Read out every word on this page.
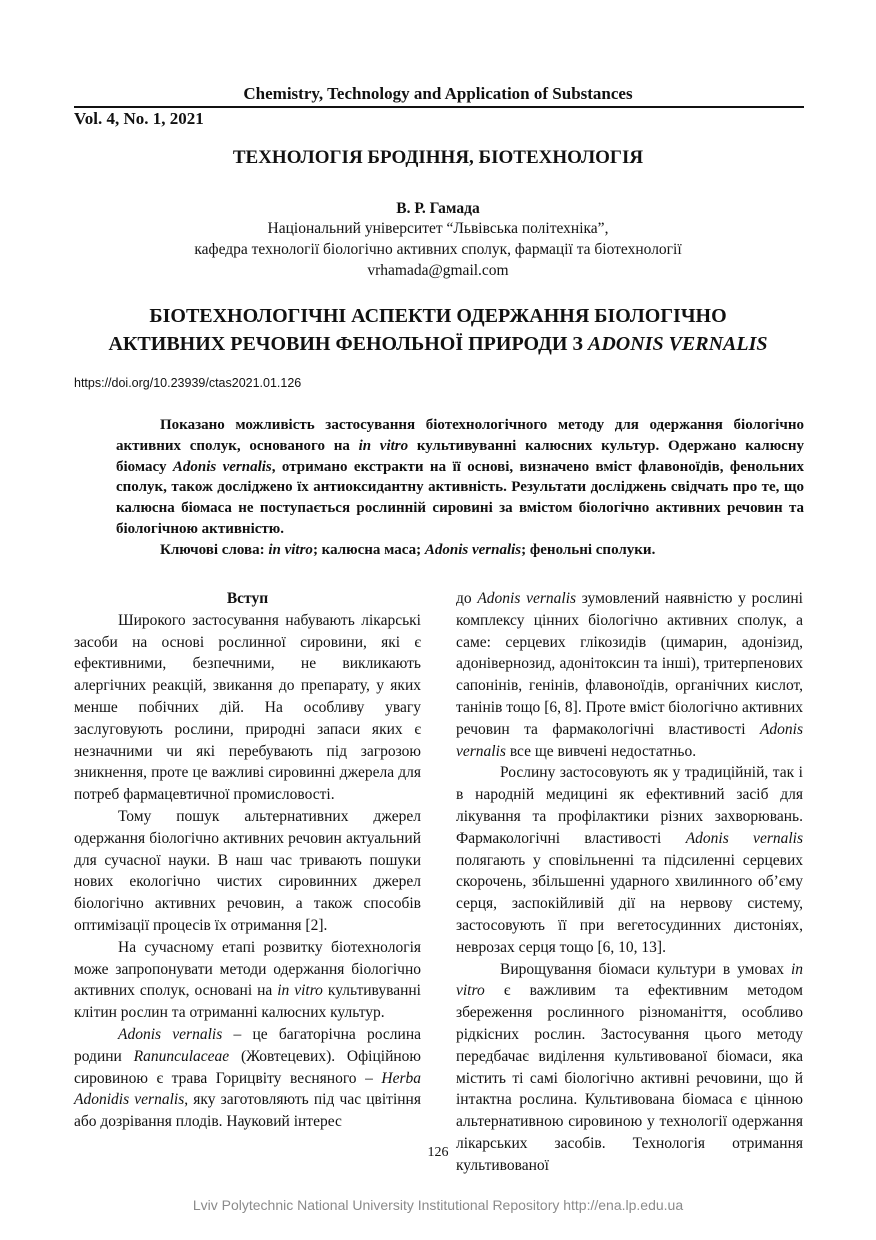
Chemistry, Technology and Application of Substances
Vol. 4, No. 1, 2021
ТЕХНОЛОГІЯ БРОДІННЯ, БІОТЕХНОЛОГІЯ
В. Р. Гамада
Національний університет “Львівська політехніка”,
кафедра технології біологічно активних сполук, фармації та біотехнології
vrhamada@gmail.com
БІОТЕХНОЛОГІЧНІ АСПЕКТИ ОДЕРЖАННЯ БІОЛОГІЧНО
АКТИВНИХ РЕЧОВИН ФЕНОЛЬНОЇ ПРИРОДИ З ADONIS VERNALIS
https://doi.org/10.23939/ctas2021.01.126

Показано можливість застосування біотехнологічного методу для одержання біологічно активних сполук, основаного на in vitro культивуванні калюсних культур. Одержано калюсну біомасу Adonis vernalis, отримано екстракти на її основі, визначено вміст флавоноїдів, фенольних сполук, також досліджено їх антиоксидантну активність. Результати досліджень свідчать про те, що калюсна біомаса не поступається рослинній сировині за вмістом біологічно активних речовин та біологічною активністю.

Ключові слова: in vitro; калюсна маса; Adonis vernalis; фенольні сполуки.

Вступ

Широкого застосування набувають лікарські засоби на основі рослинної сировини, які є ефективними, безпечними, не викликають алергічних реакцій, звикання до препарату, у яких менше побічних дій. На особливу увагу заслуговують рослини, природні запаси яких є незначними чи які перебувають під загрозою зникнення, проте це важливі сировинні джерела для потреб фармацевтичної промисловості.

Тому пошук альтернативних джерел одержання біологічно активних речовин актуальний для сучасної науки. В наш час тривають пошуки нових екологічно чистих сировинних джерел біологічно активних речовин, а також способів оптимізації процесів їх отримання [2].

На сучасному етапі розвитку біотехнологія може запропонувати методи одержання біологічно активних сполук, основані на in vitro культивуванні клітин рослин та отриманні калюсних культур.

Adonis vernalis – це багаторічна рослина родини Ranunculaceae (Жовтецевих). Офіційною сировиною є трава Горицвіту весняного – Herba Adonidis vernalis, яку заготовляють під час цвітіння або дозрівання плодів. Науковий інтерес

до Adonis vernalis зумовлений наявністю у рослині комплексу цінних біологічно активних сполук, а саме: серцевих глікозидів (цимарин, адонізид, адонівернозид, адонітоксин та інші), тритерпенових сапонінів, генінів, флавоноїдів, органічних кислот, танінів тощо [6, 8]. Проте вміст біологічно активних речовин та фармакологічні властивості Adonis vernalis все ще вивчені недостатньо.

Рослину застосовують як у традиційній, так і в народній медицині як ефективний засіб для лікування та профілактики різних захворювань. Фармакологічні властивості Adonis vernalis полягають у сповільненні та підсиленні серцевих скорочень, збільшенні ударного хвилинного об’єму серця, заспокійливій дії на нервову систему, застосовують її при вегетосудинних дистоніях, неврозах серця тощо [6, 10, 13].

Вирощування біомаси культури в умовах in vitro є важливим та ефективним методом збереження рослинного різноманіття, особливо рідкісних рослин. Застосування цього методу передбачає виділення культивованої біомаси, яка містить ті самі біологічно активні речовини, що й інтактна рослина. Культивована біомаса є цінною альтернативною сировиною у технології одержання лікарських засобів. Технологія отримання культивованої

126
Lviv Polytechnic National University Institutional Repository http://ena.lp.edu.ua
